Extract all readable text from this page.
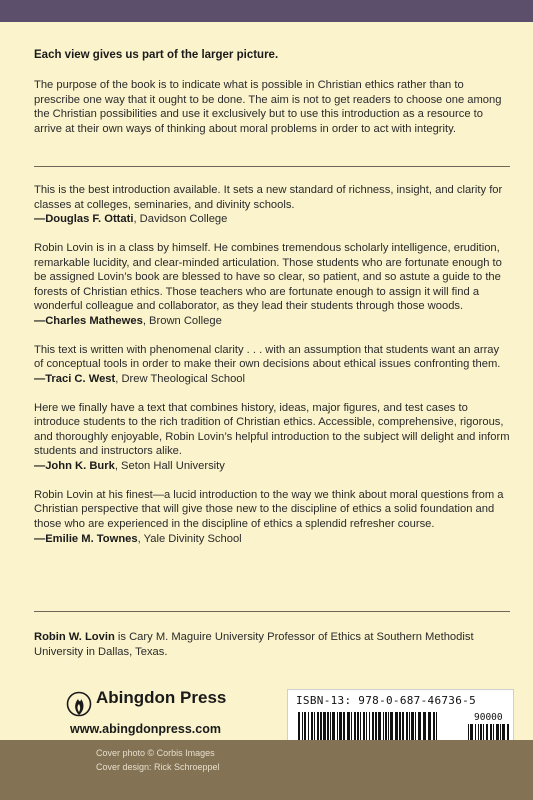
Each view gives us part of the larger picture.

The purpose of the book is to indicate what is possible in Christian ethics rather than to prescribe one way that it ought to be done. The aim is not to get readers to choose one among the Christian possibilities and use it exclusively but to use this introduction as a resource to arrive at their own ways of thinking about moral problems in order to act with integrity.

This is the best introduction available. It sets a new standard of richness, insight, and clarity for classes at colleges, seminaries, and divinity schools.

—Douglas F. Ottati, Davidson College

Robin Lovin is in a class by himself. He combines tremendous scholarly intelligence, erudition, remarkable lucidity, and clear-minded articulation. Those students who are fortunate enough to be assigned Lovin’s book are blessed to have so clear, so patient, and so astute a guide to the forests of Christian ethics. Those teachers who are fortunate enough to assign it will find a wonderful colleague and collaborator, as they lead their students through those woods.

—Charles Mathewes, Brown College

This text is written with phenomenal clarity . . . with an assumption that students want an array of conceptual tools in order to make their own decisions about ethical issues confronting them.

—Traci C. West, Drew Theological School

Here we finally have a text that combines history, ideas, major figures, and test cases to introduce students to the rich tradition of Christian ethics. Accessible, comprehensive, rigorous, and thoroughly enjoyable, Robin Lovin’s helpful introduction to the subject will delight and inform students and instructors alike.

—John K. Burk, Seton Hall University

Robin Lovin at his finest—a lucid introduction to the way we think about moral questions from a Christian perspective that will give those new to the discipline of ethics a solid foundation and those who are experienced in the discipline of ethics a splendid refresher course.

—Emilie M. Townes, Yale Divinity School

Robin W. Lovin is Cary M. Maguire University Professor of Ethics at Southern Methodist University in Dallas, Texas.

Abingdon Press
www.abingdonpress.com
ISBN-13: 978-0-687-46736-5
90000
Cover photo © Corbis Images
Cover design: Rick Schroeppel
